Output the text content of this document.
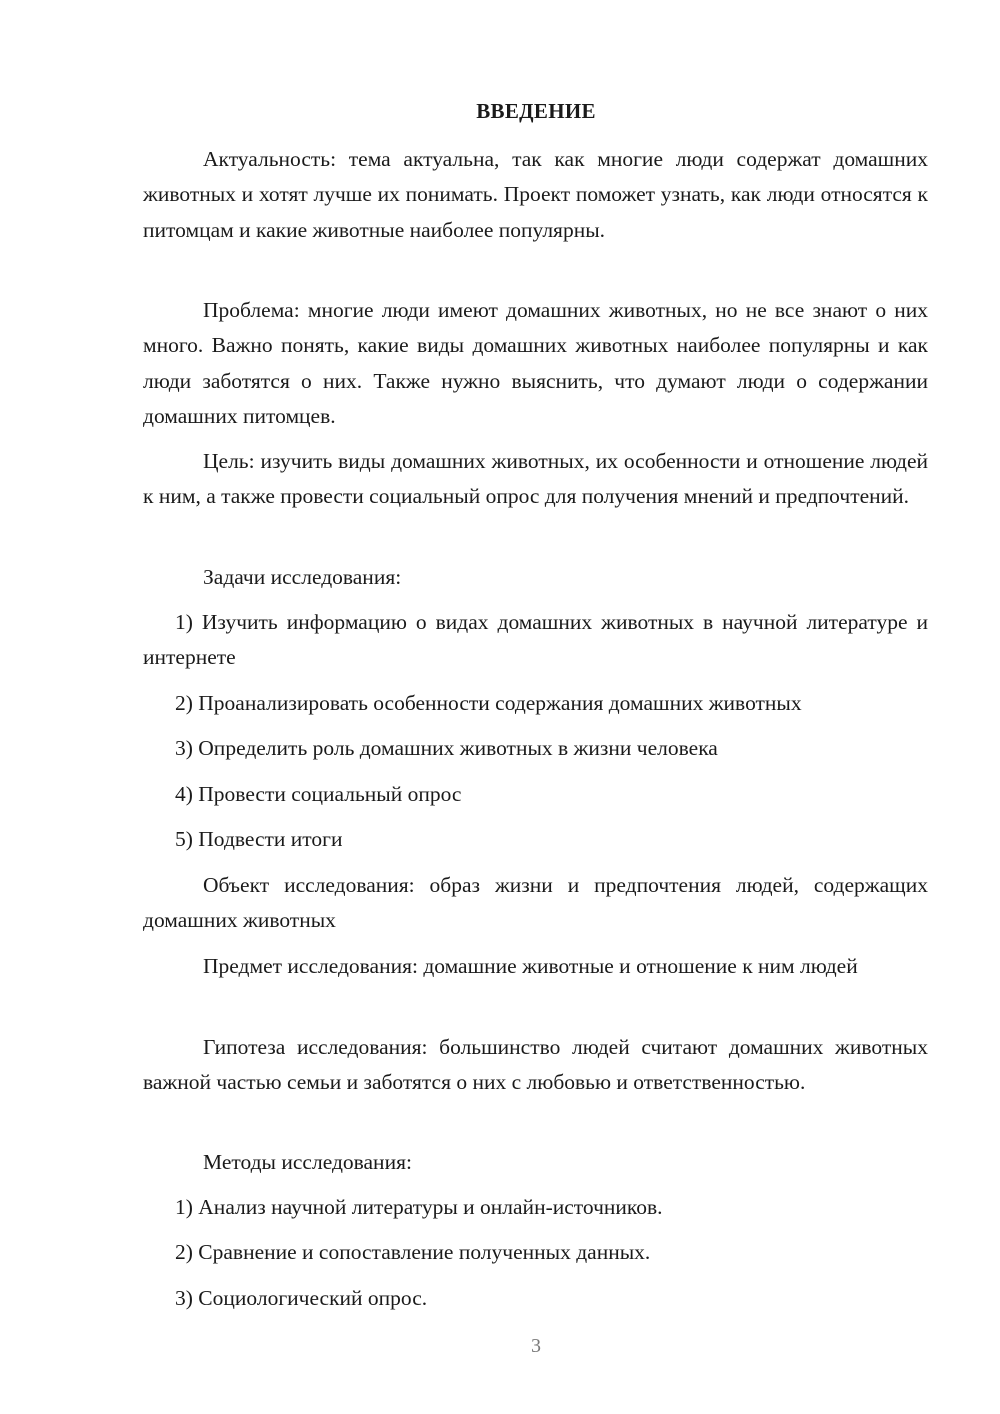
ВВЕДЕНИЕ

Актуальность: тема актуальна, так как многие люди содержат домашних животных и хотят лучше их понимать. Проект поможет узнать, как люди относятся к питомцам и какие животные наиболее популярны.

Проблема: многие люди имеют домашних животных, но не все знают о них много. Важно понять, какие виды домашних животных наиболее популярны и как люди заботятся о них. Также нужно выяснить, что думают люди о содержании домашних питомцев.

Цель: изучить виды домашних животных, их особенности и отношение людей к ним, а также провести социальный опрос для получения мнений и предпочтений.

Задачи исследования:

1) Изучить информацию о видах домашних животных в научной литературе и интернете

2) Проанализировать особенности содержания домашних животных

3) Определить роль домашних животных в жизни человека

4) Провести социальный опрос

5) Подвести итоги

Объект исследования: образ жизни и предпочтения людей, содержащих домашних животных

Предмет исследования: домашние животные и отношение к ним людей

Гипотеза исследования: большинство людей считают домашних животных важной частью семьи и заботятся о них с любовью и ответственностью.

Методы исследования:

1) Анализ научной литературы и онлайн-источников.

2) Сравнение и сопоставление полученных данных.

3) Социологический опрос.

3
